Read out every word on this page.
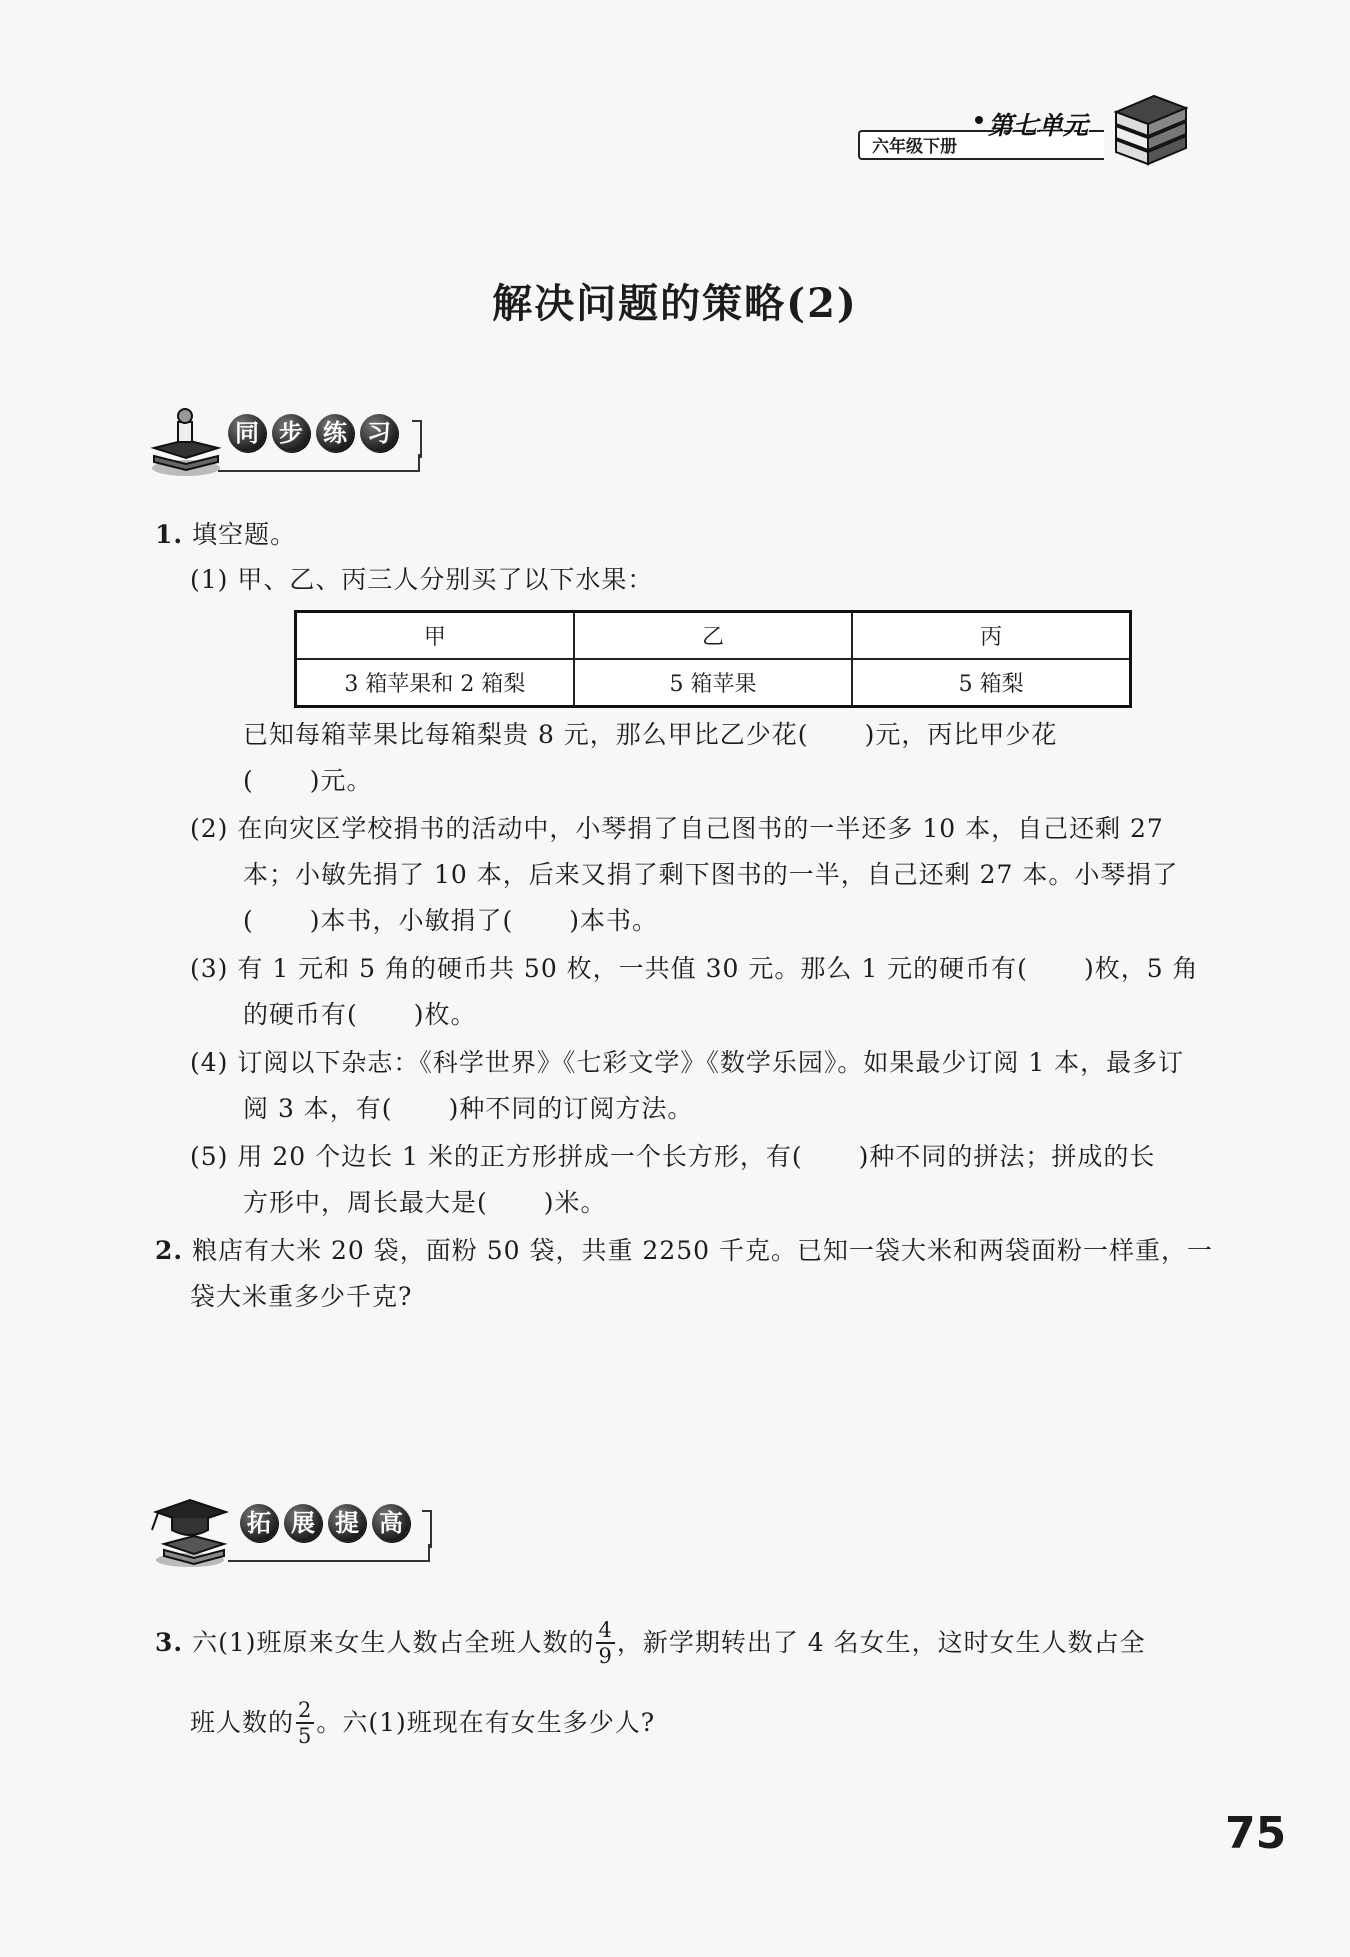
六年级下册
第七单元
解决问题的策略(2)
同 步 练 习
1. 填空题。
(1) 甲、乙、丙三人分别买了以下水果：
甲	乙	丙
3 箱苹果和 2 箱梨	5 箱苹果	5 箱梨
已知每箱苹果比每箱梨贵 8 元，那么甲比乙少花( )元，丙比甲少花
( )元。
(2) 在向灾区学校捐书的活动中，小琴捐了自己图书的一半还多 10 本，自己还剩 27
本；小敏先捐了 10 本，后来又捐了剩下图书的一半，自己还剩 27 本。小琴捐了
( )本书，小敏捐了( )本书。
(3) 有 1 元和 5 角的硬币共 50 枚，一共值 30 元。那么 1 元的硬币有( )枚，5 角
的硬币有( )枚。
(4) 订阅以下杂志：《科学世界》《七彩文学》《数学乐园》。如果最少订阅 1 本，最多订
阅 3 本，有( )种不同的订阅方法。
(5) 用 20 个边长 1 米的正方形拼成一个长方形，有( )种不同的拼法；拼成的长
方形中，周长最大是( )米。
2. 粮店有大米 20 袋，面粉 50 袋，共重 2250 千克。已知一袋大米和两袋面粉一样重，一
袋大米重多少千克?
拓 展 提 高
3.
六(1)班原来女生人数占全班人数的 $\frac{4}{9}$ ，新学期转出了 4 名女生，这时女生人数占全
班人数的 $\frac{2}{5}$ 。六(1)班现在有女生多少人?
75
